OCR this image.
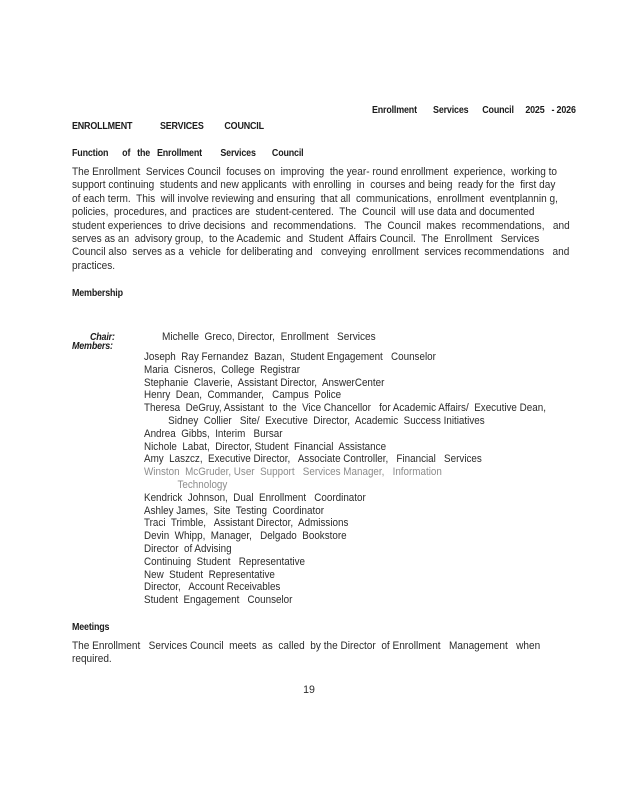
Enrollment       Services      Council     2025   - 2026
ENROLLMENT            SERVICES         COUNCIL
Function      of   the   Enrollment        Services       Council
The Enrollment  Services Council  focuses on  improving  the year- round enrollment  experience,  working to
support continuing  students and new applicants  with enrolling  in  courses and being  ready for the  first day
of each term.  This  will involve reviewing and ensuring  that all  communications,  enrollment  eventplannin g,
policies,  procedures, and  practices are  student-centered.  The  Council  will use data and documented
student experiences  to drive decisions  and  recommendations.   The  Council  makes  recommendations,   and
serves as an  advisory group,  to the Academic  and  Student  Affairs Council.  The  Enrollment   Services
Council also  serves as a  vehicle  for deliberating and   conveying  enrollment  services recommendations   and
practices.
Membership

Chair:	Michelle  Greco, Director,  Enrollment   Services

Members:
Joseph  Ray Fernandez  Bazan,  Student Engagement   Counselor
Maria  Cisneros,  College  Registrar
Stephanie  Claverie,  Assistant Director,  AnswerCenter
Henry  Dean,  Commander,   Campus  Police
Theresa  DeGruy, Assistant  to  the  Vice Chancellor   for Academic Affairs/  Executive Dean,
Sidney  Collier   Site/  Executive  Director,  Academic  Success Initiatives
Andrea  Gibbs,  Interim   Bursar
Nichole  Labat,  Director, Student  Financial  Assistance
Amy  Laszcz,  Executive Director,   Associate Controller,   Financial   Services
Winston  McGruder, User  Support   Services Manager,   Information
Technology
Kendrick  Johnson,  Dual  Enrollment   Coordinator
Ashley James,  Site  Testing  Coordinator
Traci  Trimble,   Assistant Director,  Admissions
Devin  Whipp,  Manager,   Delgado  Bookstore
Director  of Advising
Continuing  Student   Representative
New  Student  Representative
Director,   Account Receivables
Student  Engagement   Counselor
Meetings
The Enrollment   Services Council  meets  as  called  by the Director  of Enrollment   Management   when
required.
19
